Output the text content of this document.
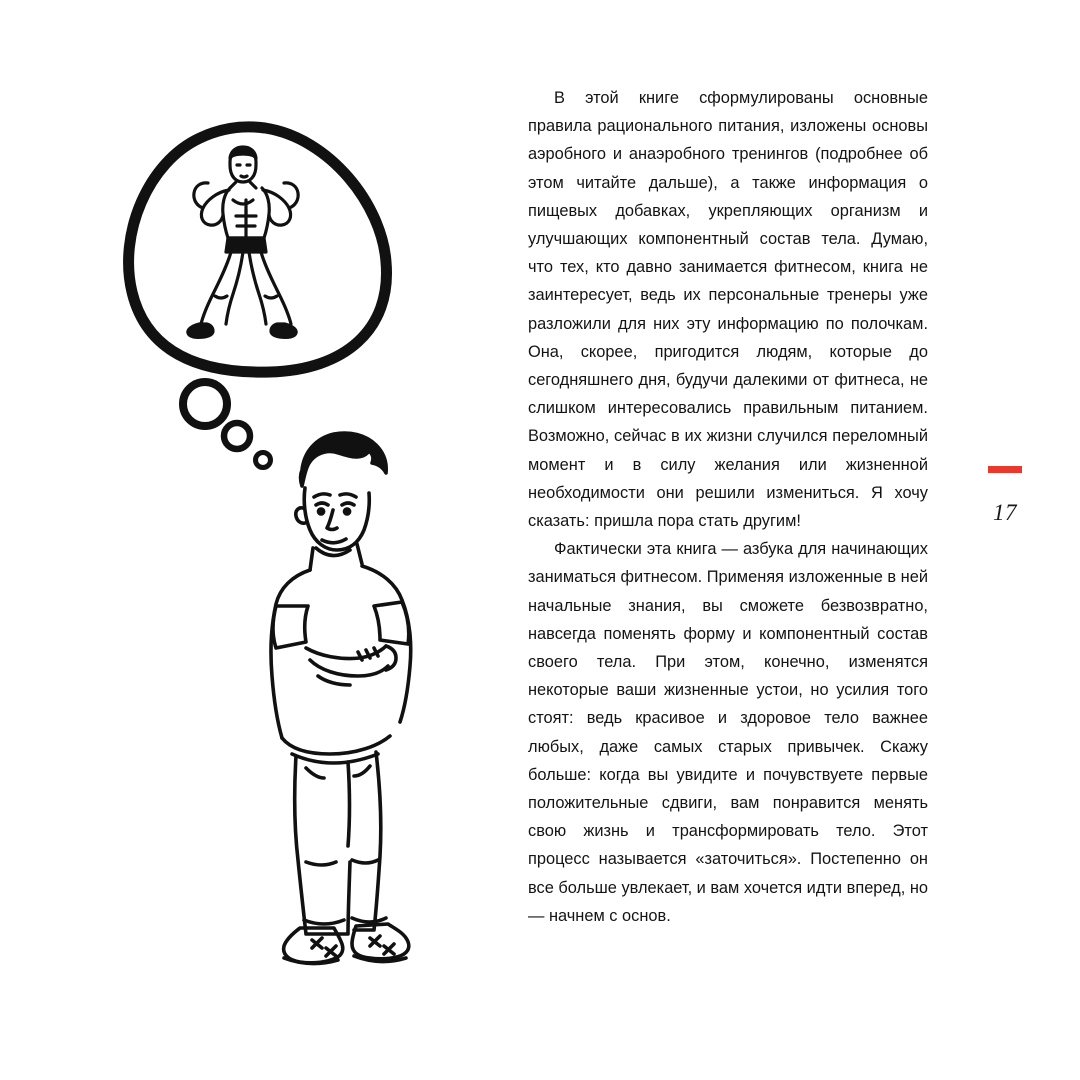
В этой книге сформулированы основные правила рационального питания, изложены основы аэробного и анаэробного тренингов (подробнее об этом читайте дальше), а также информация о пищевых добавках, укрепляющих организм и улучшающих компонентный состав тела. Думаю, что тех, кто давно занимается фитнесом, книга не заинтересует, ведь их персональные тренеры уже разложили для них эту информацию по полочкам. Она, скорее, пригодится людям, которые до сегодняшнего дня, будучи далекими от фитнеса, не слишком интересовались правильным питанием. Возможно, сейчас в их жизни случился переломный момент и в силу желания или жизненной необходимости они решили измениться. Я хочу сказать: пришла пора стать другим!

Фактически эта книга — азбука для начинающих заниматься фитнесом. Применяя изложенные в ней начальные знания, вы сможете безвозвратно, навсегда поменять форму и компонентный состав своего тела. При этом, конечно, изменятся некоторые ваши жизненные устои, но усилия того стоят: ведь красивое и здоровое тело важнее любых, даже самых старых привычек. Скажу больше: когда вы увидите и почувствуете первые положительные сдвиги, вам понравится менять свою жизнь и трансформировать тело. Этот процесс называется «заточиться». Постепенно он все больше увлекает, и вам хочется идти вперед, но — начнем с основ.

17
